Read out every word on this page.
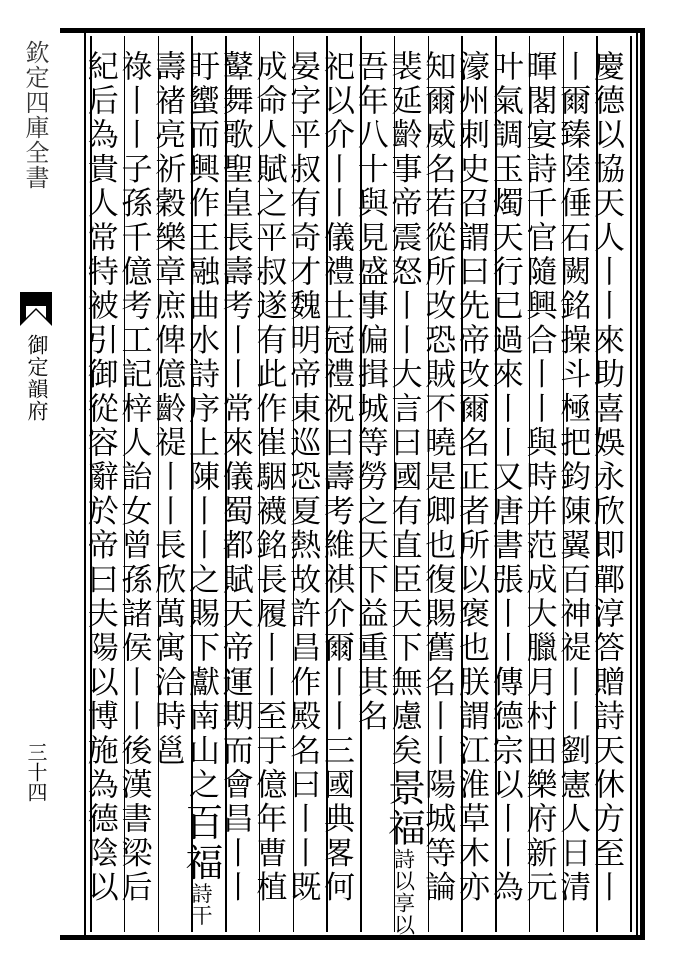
欽定四庫全書
御定韻府
三十四	慶德以協天人丨丨來助喜娛永欣即鄲淳答贈詩天休方至丨
丨爾臻陸倕石闕銘操斗極把鈞陳翼百神禔丨丨劉憲人日清
暉閣宴詩千官隨興合丨丨與時并范成大臘月村田樂府新元
叶氣調玉燭天行已過來丨丨又唐書張丨丨傳德宗以丨丨為
濠州刺史召謂曰先帝改爾名正者所以褒也朕謂江淮草木亦
知爾威名若從所改恐賊不曉是卿也復賜舊名丨丨陽城等論
裴延齡事帝震怒丨丨大言曰國有直臣天下無慮矣景福詩以享以
吾年八十與見盛事偏揖城等勞之天下益重其名
祀以介丨丨儀禮士冠禮祝曰壽考維祺介爾丨丨三國典畧何
晏字平叔有奇才魏明帝東巡恐夏熱故許昌作殿名曰丨丨既
成命人賦之平叔遂有此作崔駰襪銘長履丨丨至于億年曹植
鼙舞歌聖皇長壽考丨丨常來儀蜀都賦天帝運期而會昌丨丨
盱蠁而興作王融曲水詩序上陳丨丨之賜下獻南山之百福詩干
壽禇亮祈穀樂章庶俾億齡禔丨丨長欣萬寓洽時邕
祿丨丨子孫千億考工記梓人詒女曾孫諸侯丨丨後漢書梁后
紀后為貴人常特被引御從容辭於帝曰夫陽以博施為德陰以
